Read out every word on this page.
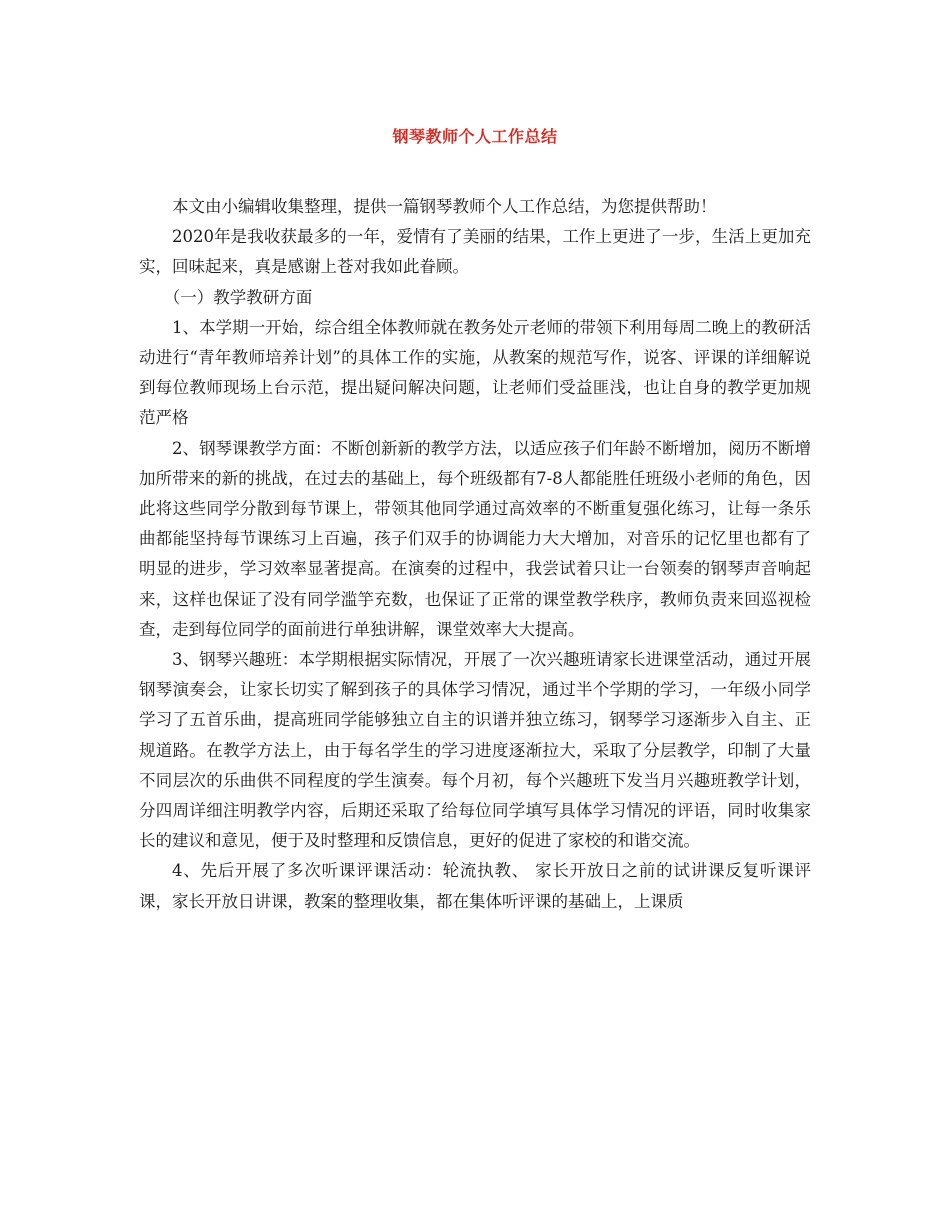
钢琴教师个人工作总结

本文由小编辑收集整理，提供一篇钢琴教师个人工作总结，为您提供帮助！

2020年是我收获最多的一年，爱情有了美丽的结果，工作上更进了一步，生活上更加充实，回味起来，真是感谢上苍对我如此眷顾。

（一）教学教研方面

1、本学期一开始，综合组全体教师就在教务处亓老师的带领下利用每周二晚上的教研活动进行“青年教师培养计划”的具体工作的实施，从教案的规范写作，说客、评课的详细解说到每位教师现场上台示范，提出疑问解决问题，让老师们受益匪浅，也让自身的教学更加规范严格

2、钢琴课教学方面：不断创新新的教学方法，以适应孩子们年龄不断增加，阅历不断增加所带来的新的挑战，在过去的基础上，每个班级都有7-8人都能胜任班级小老师的角色，因此将这些同学分散到每节课上，带领其他同学通过高效率的不断重复强化练习，让每一条乐曲都能坚持每节课练习上百遍，孩子们双手的协调能力大大增加，对音乐的记忆里也都有了明显的进步，学习效率显著提高。在演奏的过程中，我尝试着只让一台领奏的钢琴声音响起来，这样也保证了没有同学滥竽充数，也保证了正常的课堂教学秩序，教师负责来回巡视检查，走到每位同学的面前进行单独讲解，课堂效率大大提高。

3、钢琴兴趣班：本学期根据实际情况，开展了一次兴趣班请家长进课堂活动，通过开展钢琴演奏会，让家长切实了解到孩子的具体学习情况，通过半个学期的学习，一年级小同学学习了五首乐曲，提高班同学能够独立自主的识谱并独立练习，钢琴学习逐渐步入自主、正规道路。在教学方法上，由于每名学生的学习进度逐渐拉大，采取了分层教学，印制了大量不同层次的乐曲供不同程度的学生演奏。每个月初，每个兴趣班下发当月兴趣班教学计划，分四周详细注明教学内容，后期还采取了给每位同学填写具体学习情况的评语，同时收集家长的建议和意见，便于及时整理和反馈信息，更好的促进了家校的和谐交流。

4、先后开展了多次听课评课活动：轮流执教、 家长开放日之前的试讲课反复听课评课，家长开放日讲课，教案的整理收集，都在集体听评课的基础上，上课质
